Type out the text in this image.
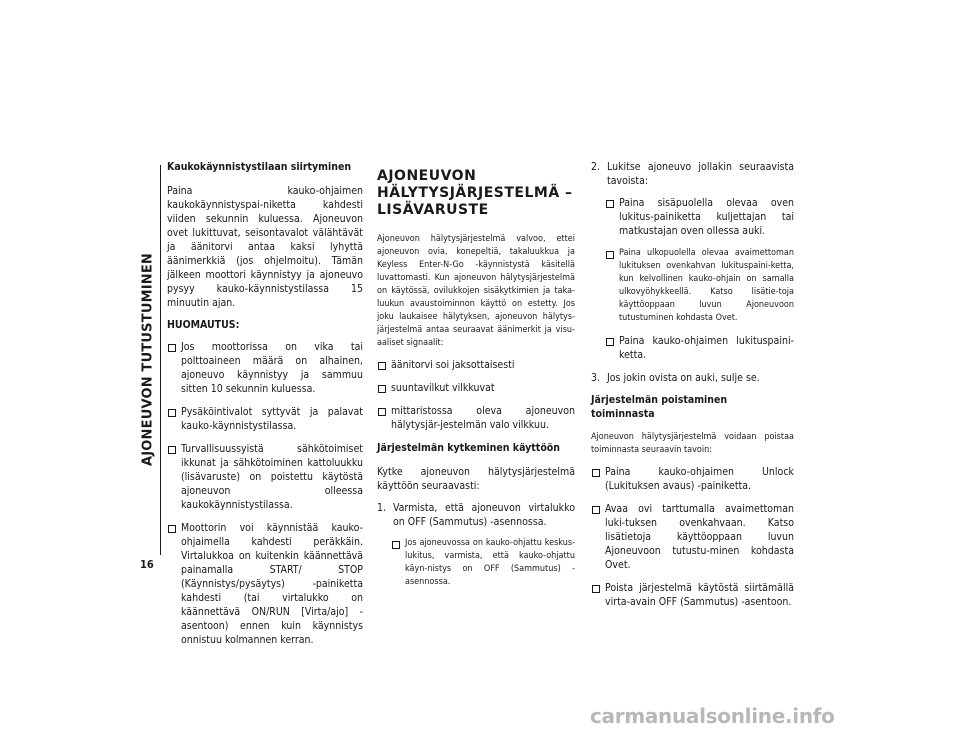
AJONEUVON TUTUSTUMINEN
16
Kaukokäynnistystilaan siirtyminen
Paina kauko-ohjaimen kaukokäynnistyspai-niketta kahdesti viiden sekunnin kuluessa. Ajoneuvon ovet lukittuvat, seisontavalot välähtävät ja äänitorvi antaa kaksi lyhyttä äänimerkkiä (jos ohjelmoitu). Tämän jälkeen moottori käynnistyy ja ajoneuvo pysyy kauko-käynnistystilassa 15 minuutin ajan.
HUOMAUTUS:
Jos moottorissa on vika tai polttoaineen määrä on alhainen, ajoneuvo käynnistyy ja sammuu sitten 10 sekunnin kuluessa.
Pysäköintivalot syttyvät ja palavat kauko-käynnistystilassa.
Turvallisuussyistä sähkötoimiset ikkunat ja sähkötoiminen kattoluukku (lisävaruste) on poistettu käytöstä ajoneuvon olleessa kaukokäynnistystilassa.
Moottorin voi käynnistää kauko-ohjaimella kahdesti peräkkäin. Virtalukkoa on kuitenkin käännettävä painamalla START/ STOP (Käynnistys/pysäytys) -painiketta kahdesti (tai virtalukko on käännettävä ON/RUN [Virta/ajo] -asentoon) ennen kuin käynnistys onnistuu kolmannen kerran.
AJONEUVON HÄLYTYSJÄRJESTELMÄ – LISÄVARUSTE
Ajoneuvon hälytysjärjestelmä valvoo, ettei ajoneuvon ovia, konepeltiä, takaluukkua ja Keyless Enter-N-Go -käynnistystä käsitellä luvattomasti. Kun ajoneuvon hälytysjärjestelmä on käytössä, ovilukkojen sisäkytkimien ja taka-luukun avaustoiminnon käyttö on estetty. Jos joku laukaisee hälytyksen, ajoneuvon hälytys-järjestelmä antaa seuraavat äänimerkit ja visu-aaliset signaalit:
äänitorvi soi jaksottaisesti
suuntavilkut vilkkuvat
mittaristossa oleva ajoneuvon hälytysjär-jestelmän valo vilkkuu.
Järjestelmän kytkeminen käyttöön
Kytke ajoneuvon hälytysjärjestelmä käyttöön seuraavasti:
1. Varmista, että ajoneuvon virtalukko on OFF (Sammutus) -asennossa.
Jos ajoneuvossa on kauko-ohjattu keskus-lukitus, varmista, että kauko-ohjattu käyn-nistys on OFF (Sammutus) -asennossa.
2. Lukitse ajoneuvo jollakin seuraavista tavoista:
Paina sisäpuolella olevaa oven lukitus-painiketta kuljettajan tai matkustajan oven ollessa auki.
Paina ulkopuolella olevaa avaimettoman lukituksen ovenkahvan lukituspaini-ketta, kun kelvollinen kauko-ohjain on samalla ulkovyöhykkeellä. Katso lisätie-toja käyttöoppaan luvun Ajoneuvoon tutustuminen kohdasta Ovet.
Paina kauko-ohjaimen lukituspaini-ketta.
3. Jos jokin ovista on auki, sulje se.
Järjestelmän poistaminen toiminnasta
Ajoneuvon hälytysjärjestelmä voidaan poistaa toiminnasta seuraavin tavoin:
Paina kauko-ohjaimen Unlock (Lukituksen avaus) -painiketta.
Avaa ovi tarttumalla avaimettoman luki-tuksen ovenkahvaan. Katso lisätietoja käyttöoppaan luvun Ajoneuvoon tutustu-minen kohdasta Ovet.
Poista järjestelmä käytöstä siirtämällä virta-avain OFF (Sammutus) -asentoon.
carmanualsonline.info
